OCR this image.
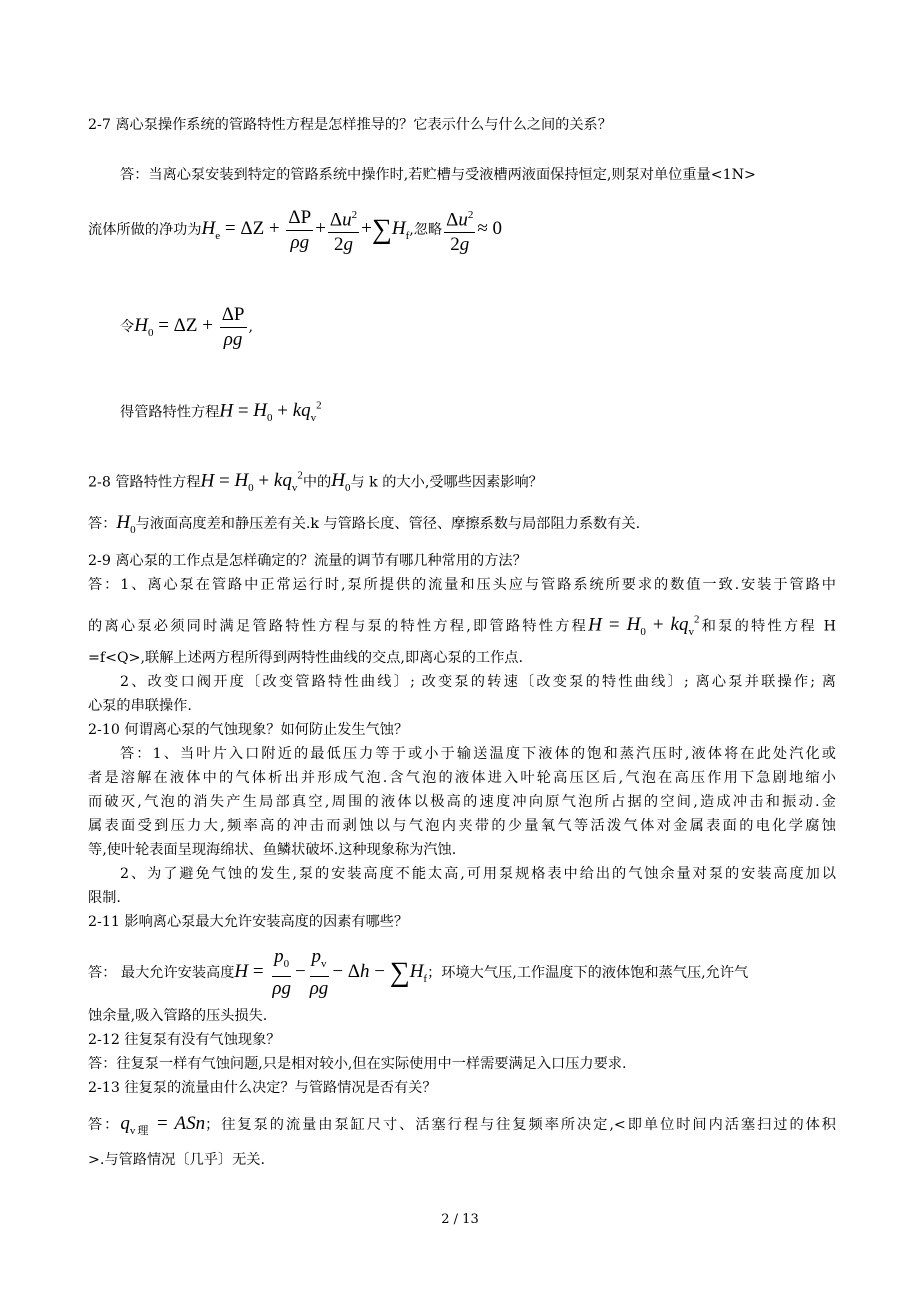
2-7 离心泵操作系统的管路特性方程是怎样推导的？它表示什么与什么之间的关系？
答：当离心泵安装到特定的管路系统中操作时,若贮槽与受液槽两液面保持恒定,则泵对单位重量<1N>
流体所做的净功为$H_e = \Delta Z + \frac{\Delta P}{\rho g} + \frac{\Delta u^2}{2g} +\sum H_f$,忽略 $\frac{\Delta u^2}{2g} \approx 0$
令$H_0 = \Delta Z + \frac{\Delta P}{\rho g}$ ,
得管路特性方程$H = H_0 + kq_v^2$
2-8 管路特性方程$H = H_0 + kq_v^2$中的$H_0$与 k 的大小,受哪些因素影响？
答：$H_0$与液面高度差和静压差有关.k 与管路长度、管径、摩擦系数与局部阻力系数有关.
2-9 离心泵的工作点是怎样确定的？流量的调节有哪几种常用的方法？
答：1、离心泵在管路中正常运行时,泵所提供的流量和压头应与管路系统所要求的数值一致.安装于管路中
的离心泵必须同时满足管路特性方程与泵的特性方程,即管路特性方程$H = H_0 + kq_v^2$和泵的特性方程 H
=f<Q>,联解上述两方程所得到两特性曲线的交点,即离心泵的工作点.
2、改变口阀开度〔改变管路特性曲线〕; 改变泵的转速〔改变泵的特性曲线〕; 离心泵并联操作; 离
心泵的串联操作.
2-10 何谓离心泵的气蚀现象？如何防止发生气蚀？
答：1、当叶片入口附近的最低压力等于或小于输送温度下液体的饱和蒸汽压时,液体将在此处汽化或
者是溶解在液体中的气体析出并形成气泡.含气泡的液体进入叶轮高压区后,气泡在高压作用下急剧地缩小
而破灭,气泡的消失产生局部真空,周围的液体以极高的速度冲向原气泡所占据的空间,造成冲击和振动.金
属表面受到压力大,频率高的冲击而剥蚀以与气泡内夹带的少量氧气等活泼气体对金属表面的电化学腐蚀
等,使叶轮表面呈现海绵状、鱼鳞状破坏.这种现象称为汽蚀.
2、为了避免气蚀的发生,泵的安装高度不能太高,可用泵规格表中给出的气蚀余量对泵的安装高度加以
限制.
2-11 影响离心泵最大允许安装高度的因素有哪些？
答： 最大允许安装高度$H = \frac{p_0}{\rho g} - \frac{p_v}{\rho g} - \Delta h - \sum H_f$；环境大气压,工作温度下的液体饱和蒸气压,允许气
蚀余量,吸入管路的压头损失.
2-12 往复泵有没有气蚀现象？
答：往复泵一样有气蚀问题,只是相对较小,但在实际使用中一样需要满足入口压力要求.
2-13 往复泵的流量由什么决定？与管路情况是否有关？
答：$q_{v理}$ = ASn；往复泵的流量由泵缸尺寸、活塞行程与往复频率所决定,<即单位时间内活塞扫过的体积
>.与管路情况〔几乎〕无关.
2 / 13
